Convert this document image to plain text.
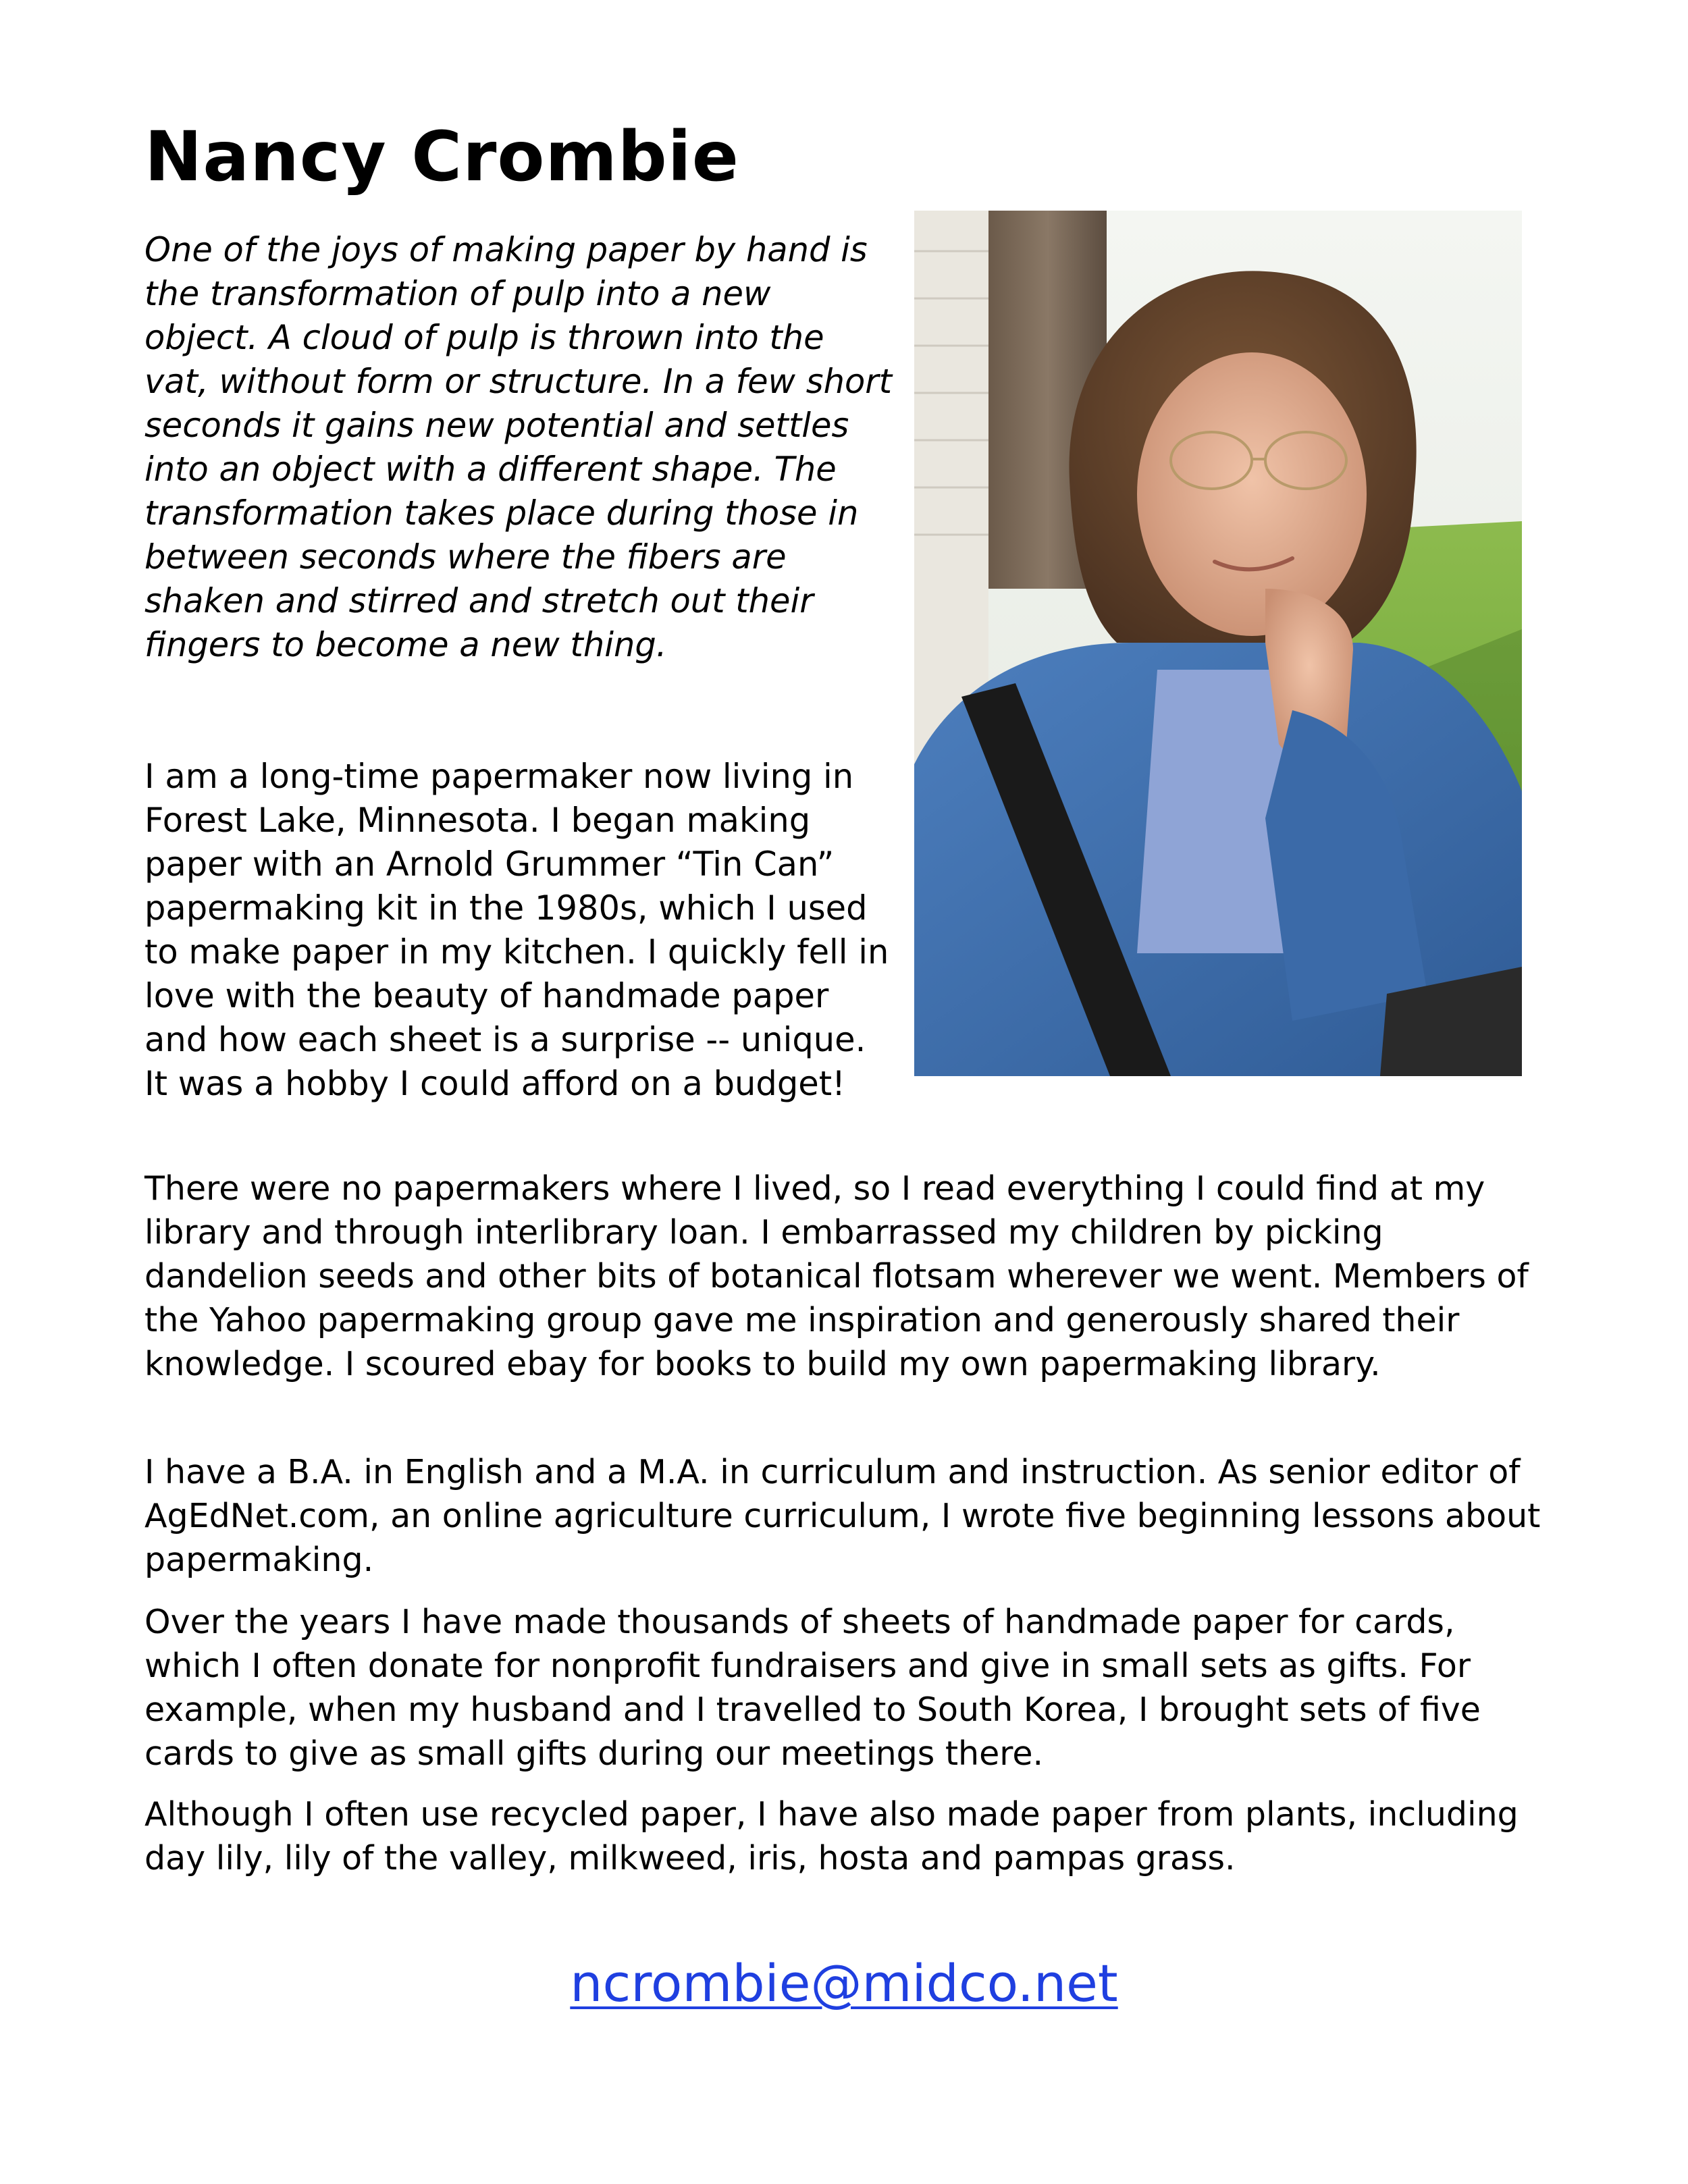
Nancy Crombie

One of the joys of making paper by hand is the transformation of pulp into a new object. A cloud of pulp is thrown into the vat, without form or structure. In a few short seconds it gains new potential and settles into an object with a different shape. The transformation takes place during those in between seconds where the fibers are shaken and stirred and stretch out their fingers to become a new thing.

I am a long-time papermaker now living in Forest Lake, Minnesota. I began making paper with an Arnold Grummer “Tin Can” papermaking kit in the 1980s, which I used to make paper in my kitchen. I quickly fell in love with the beauty of handmade paper and how each sheet is a surprise -- unique. It was a hobby I could afford on a budget!

There were no papermakers where I lived, so I read everything I could find at my library and through interlibrary loan. I embarrassed my children by picking dandelion seeds and other bits of botanical flotsam wherever we went. Members of the Yahoo papermaking group gave me inspiration and generously shared their knowledge. I scoured ebay for books to build my own papermaking library.

I have a B.A. in English and a M.A. in curriculum and instruction. As senior editor of AgEdNet.com, an online agriculture curriculum, I wrote five beginning lessons about papermaking.

Over the years I have made thousands of sheets of handmade paper for cards, which I often donate for nonprofit fundraisers and give in small sets as gifts. For example, when my husband and I travelled to South Korea, I brought sets of five cards to give as small gifts during our meetings there.

Although I often use recycled paper, I have also made paper from plants, including day lily, lily of the valley, milkweed, iris, hosta and pampas grass.

ncrombie@midco.net
